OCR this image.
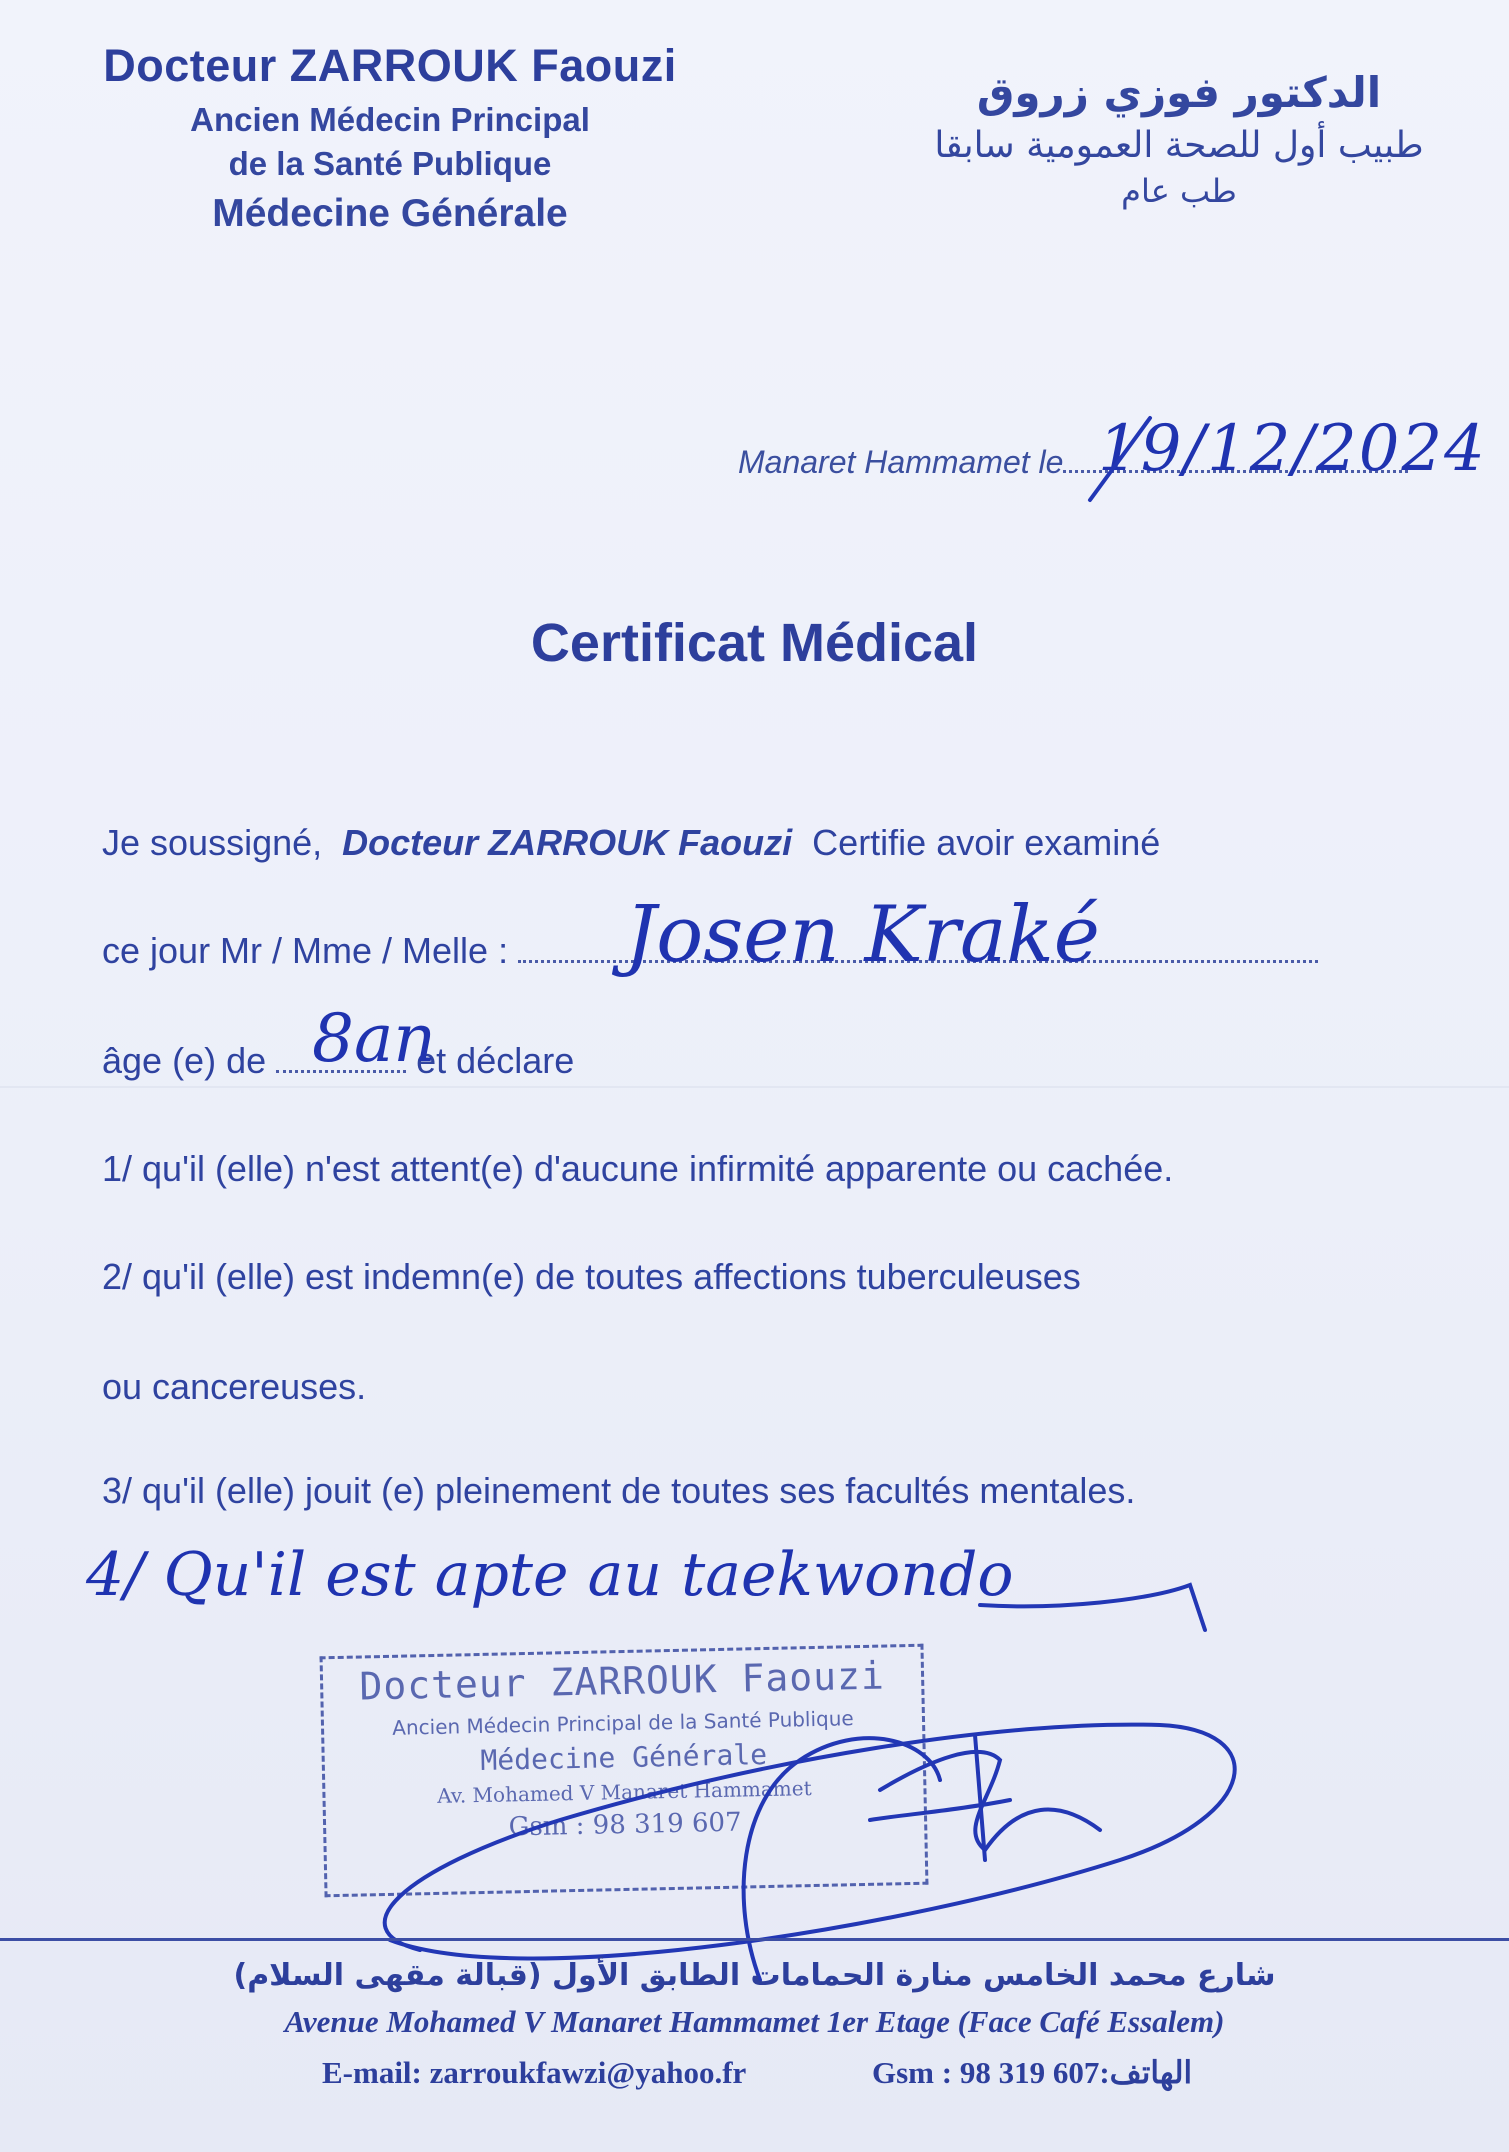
Docteur ZARROUK Faouzi
Ancien Médecin Principal
de la Santé Publique
Médecine Générale
الدكتور فوزي زروق
طبيب أول للصحة العمومية سابقا
طب عام
Manaret Hammamet le 19/12/2024
Certificat Médical
Je soussigné, Docteur ZARROUK Faouzi Certifie avoir examiné
ce jour Mr / Mme / Melle :	Josen Kraké
âge (e) de	et déclare
8an
1/ qu'il (elle) n'est attent(e) d'aucune infirmité apparente ou cachée.
2/ qu'il (elle) est indemn(e) de toutes affections tuberculeuses
ou cancereuses.
3/ qu'il (elle) jouit (e) pleinement de toutes ses facultés mentales.
4/ Qu'il est apte au taekwondo
Docteur ZARROUK Faouzi
Ancien Médecin Principal de la Santé Publique
Médecine Générale
Av. Mohamed V Manaret Hammamet
Gsm : 98 319 607
شارع محمد الخامس منارة الحمامات الطابق الأول (قبالة مقهى السلام)
Avenue Mohamed V Manaret Hammamet 1er Etage (Face Café Essalem)
E-mail: zarroukfawzi@yahoo.fr	Gsm : 98 319 607:الهاتف
